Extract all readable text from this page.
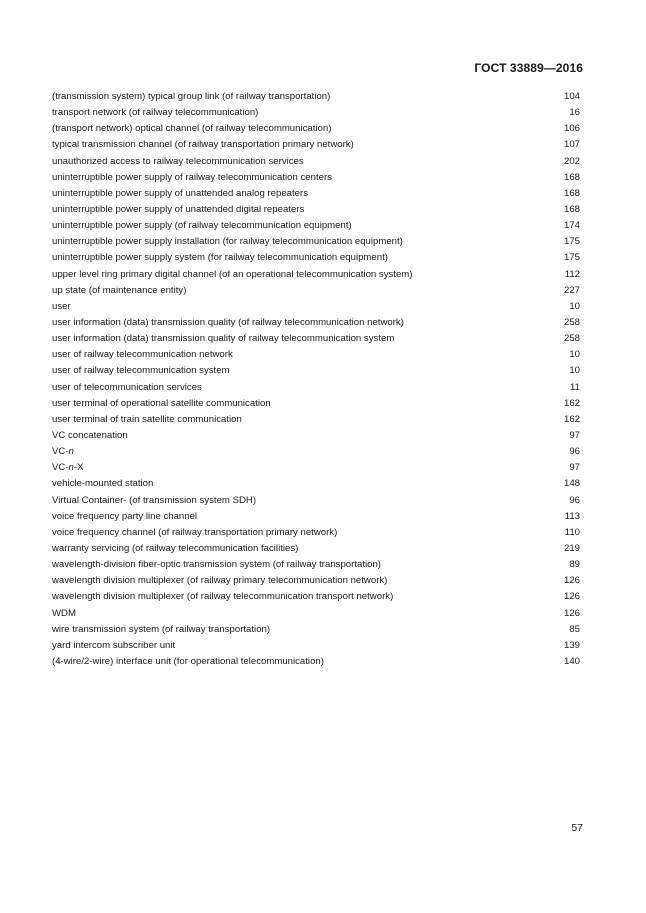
ГОСТ 33889—2016
(transmission system) typical group link (of railway transportation)	104
transport network (of railway telecommunication)	16
(transport network) optical channel (of railway telecommunication)	106
typical transmission channel (of railway transportation primary network)	107
unauthorized access to railway telecommunication services	202
uninterruptible power supply of railway telecommunication centers	168
uninterruptible power supply of unattended analog repeaters	168
uninterruptible power supply of unattended digital repeaters	168
uninterruptible power supply (of railway telecommunication equipment)	174
uninterruptible power supply installation (for railway telecommunication equipment)	175
uninterruptible power supply system (for railway telecommunication equipment)	175
upper level ring primary digital channel (of an operational telecommunication system)	112
up state (of maintenance entity)	227
user	10
user information (data) transmission quality (of railway telecommunication network)	258
user information (data) transmission quality of railway telecommunication system	258
user of railway telecommunication network	10
user of railway telecommunication system	10
user of telecommunication services	11
user terminal of operational satellite communication	162
user terminal of train satellite communication	162
VC concatenation	97
VC-n	96
VC-n-X	97
vehicle-mounted station	148
Virtual Container- (of transmission system SDH)	96
voice frequency party line channel	113
voice frequency channel (of railway transportation primary network)	110
warranty servicing (of railway telecommunication facilities)	219
wavelength-division fiber-optic transmission system (of railway transportation)	89
wavelength division multiplexer (of railway primary telecommunication network)	126
wavelength division multiplexer (of railway telecommunication transport network)	126
WDM	126
wire transmission system (of railway transportation)	85
yard intercom subscriber unit	139
(4-wire/2-wire) interface unit (for operational telecommunication)	140
57
